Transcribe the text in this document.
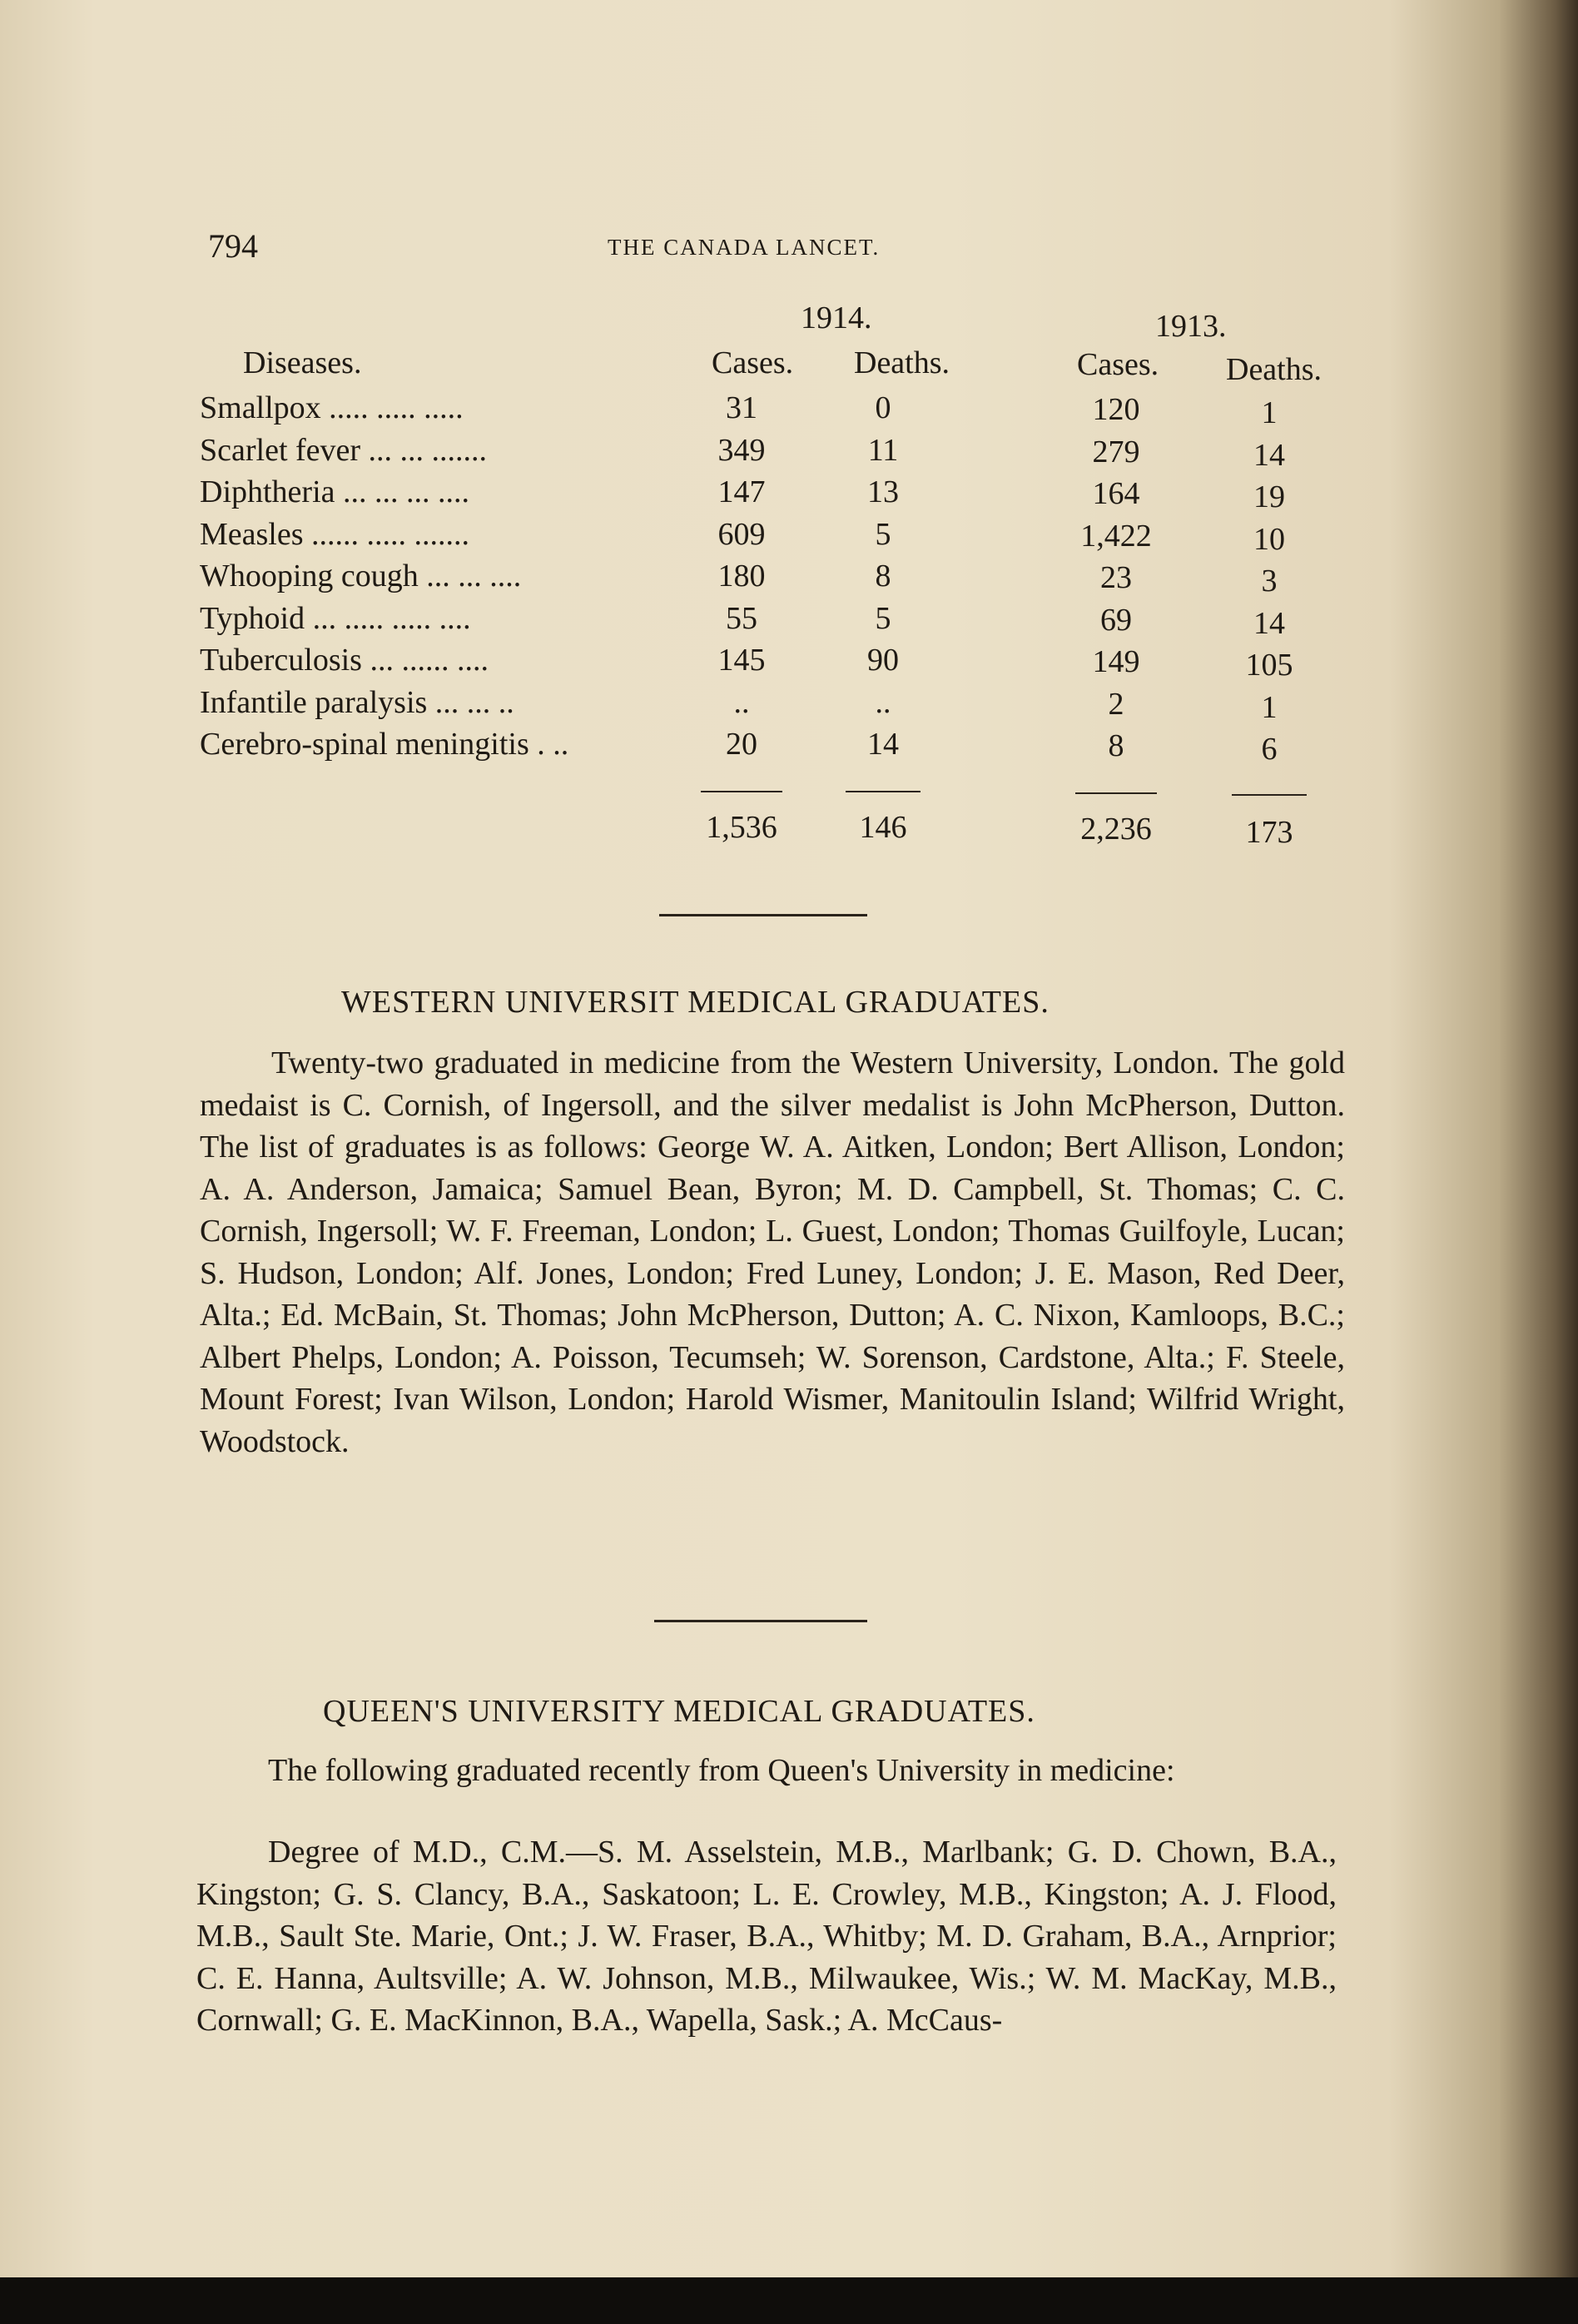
794	THE CANADA LANCET.
1914.	1913.
Diseases.	Cases. Deaths.	Cases. Deaths.
Smallpox ..... ..... .....	31	0	120	1
Scarlet fever ... ... .......	349	11	279	14
Diphtheria ... ... ... ....	147	13	164	19
Measles ...... ..... .......	609	5	1,422	10
Whooping cough ... ... ....	180	8	23	3
Typhoid ... ..... ..... ....	55	5	69	14
Tuberculosis ... ...... ....	145	90	149	105
Infantile paralysis ... ... ..	..	..	2	1
Cerebro-spinal meningitis . ..	20	14	8	6
1,536	146	2,236	173
WESTERN UNIVERSIT MEDICAL GRADUATES.

Twenty-two graduated in medicine from the Western University, London. The gold medaist is C. Cornish, of Ingersoll, and the silver medalist is John McPherson, Dutton. The list of graduates is as follows: George W. A. Aitken, London; Bert Allison, London; A. A. Anderson, Jamaica; Samuel Bean, Byron; M. D. Campbell, St. Thomas; C. C. Cornish, Ingersoll; W. F. Freeman, London; L. Guest, London; Thomas Guilfoyle, Lucan; S. Hudson, London; Alf. Jones, London; Fred Luney, London; J. E. Mason, Red Deer, Alta.; Ed. McBain, St. Thomas; John McPherson, Dutton; A. C. Nixon, Kamloops, B.C.; Albert Phelps, London; A. Poisson, Tecumseh; W. Sorenson, Cardstone, Alta.; F. Steele, Mount Forest; Ivan Wilson, London; Harold Wismer, Manitoulin Island; Wilfrid Wright, Woodstock.

QUEEN'S UNIVERSITY MEDICAL GRADUATES.

The following graduated recently from Queen's University in medicine:

Degree of M.D., C.M.—S. M. Asselstein, M.B., Marlbank; G. D. Chown, B.A., Kingston; G. S. Clancy, B.A., Saskatoon; L. E. Crowley, M.B., Kingston; A. J. Flood, M.B., Sault Ste. Marie, Ont.; J. W. Fraser, B.A., Whitby; M. D. Graham, B.A., Arnprior; C. E. Hanna, Aultsville; A. W. Johnson, M.B., Milwaukee, Wis.; W. M. MacKay, M.B., Cornwall; G. E. MacKinnon, B.A., Wapella, Sask.; A. McCaus-
